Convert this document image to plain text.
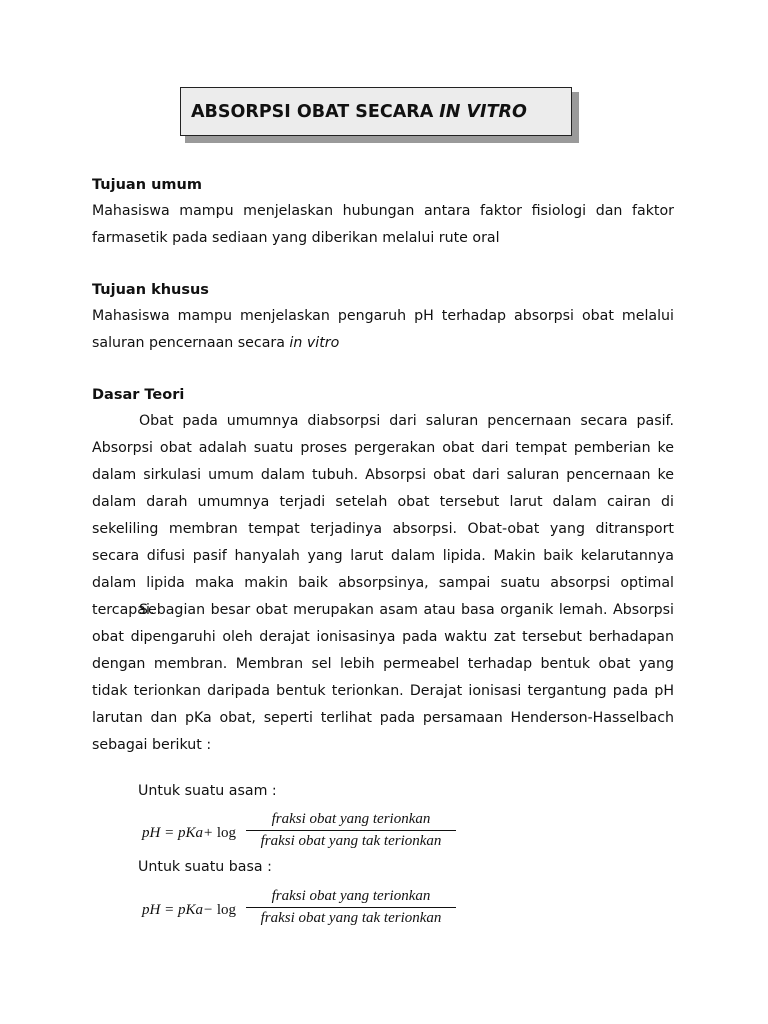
ABSORPSI OBAT SECARA IN VITRO
Tujuan umum

Mahasiswa mampu menjelaskan hubungan antara faktor fisiologi dan faktor farmasetik pada sediaan yang diberikan melalui rute oral

Tujuan khusus

Mahasiswa mampu menjelaskan pengaruh pH terhadap absorpsi obat melalui saluran pencernaan secara in vitro

Dasar Teori

Obat pada umumnya diabsorpsi dari saluran pencernaan secara pasif. Absorpsi obat adalah suatu proses pergerakan obat dari tempat pemberian ke dalam sirkulasi umum dalam tubuh. Absorpsi obat dari saluran pencernaan ke dalam darah umumnya terjadi setelah obat tersebut larut dalam cairan di sekeliling membran tempat terjadinya absorpsi. Obat-obat yang ditransport secara difusi pasif hanyalah yang larut dalam lipida. Makin baik kelarutannya dalam lipida maka makin baik absorpsinya, sampai suatu absorpsi optimal tercapai.

Sebagian besar obat merupakan asam atau basa organik lemah. Absorpsi obat dipengaruhi oleh derajat ionisasinya pada waktu zat tersebut berhadapan dengan membran. Membran sel lebih permeabel terhadap bentuk obat yang tidak terionkan daripada bentuk terionkan. Derajat ionisasi tergantung pada pH larutan dan pKa obat, seperti terlihat pada persamaan Henderson-Hasselbach sebagai berikut :

Untuk suatu asam :
pH = pKa+ log
fraksi obat yang terionkan
fraksi obat yang tak terionkan
Untuk suatu basa :
pH = pKa− log
fraksi obat yang terionkan
fraksi obat yang tak terionkan
